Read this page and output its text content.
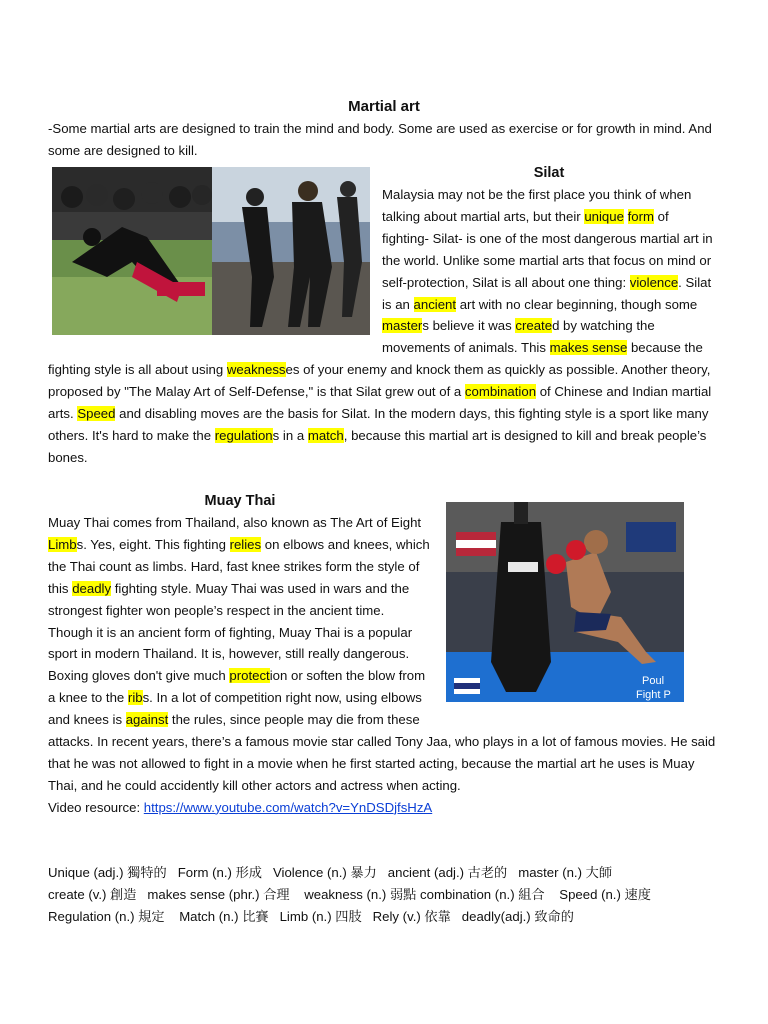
Martial art
-Some martial arts are designed to train the mind and body. Some are used as exercise or for growth in mind. And some are designed to kill.
Silat
Malaysia may not be the first place you think of when talking about martial arts, but their unique form of fighting- Silat- is one of the most dangerous martial art in the world. Unlike some martial arts that focus on mind or self-protection, Silat is all about one thing: violence. Silat is an ancient art with no clear beginning, though some masters believe it was created by watching the movements of animals. This makes sense because the fighting style is all about using weaknesses of your enemy and knock them as quickly as possible. Another theory, proposed by "The Malay Art of Self-Defense," is that Silat grew out of a combination of Chinese and Indian martial arts. Speed and disabling moves are the basis for Silat. In the modern days, this fighting style is a sport like many others. It's hard to make the regulations in a match, because this martial art is designed to kill and break people’s bones.
Poul
Fight P
Muay Thai
Muay Thai comes from Thailand, also known as The Art of Eight Limbs. Yes, eight. This fighting relies on elbows and knees, which the Thai count as limbs. Hard, fast knee strikes form the style of this deadly fighting style. Muay Thai was used in wars and the strongest fighter won people’s respect in the ancient time. Though it is an ancient form of fighting, Muay Thai is a popular sport in modern Thailand. It is, however, still really dangerous. Boxing gloves don't give much protection or soften the blow from a knee to the ribs. In a lot of competition right now, using elbows and knees is against the rules, since people may die from these attacks. In recent years, there’s a famous movie star called Tony Jaa, who plays in a lot of famous movies. He said that he was not allowed to fight in a movie when he first started acting, because the martial art he uses is Muay Thai, and he could accidently kill other actors and actress when acting.
Video resource: https://www.youtube.com/watch?v=YnDSDjfsHzA
Unique (adj.) 獨特的   Form (n.) 形成   Violence (n.) 暴力   ancient (adj.) 古老的   master (n.) 大師
create (v.) 創造   makes sense (phr.) 合理    weakness (n.) 弱點 combination (n.) 組合    Speed (n.) 速度
Regulation (n.) 規定    Match (n.) 比賽   Limb (n.) 四肢   Rely (v.) 依靠   deadly(adj.) 致命的
